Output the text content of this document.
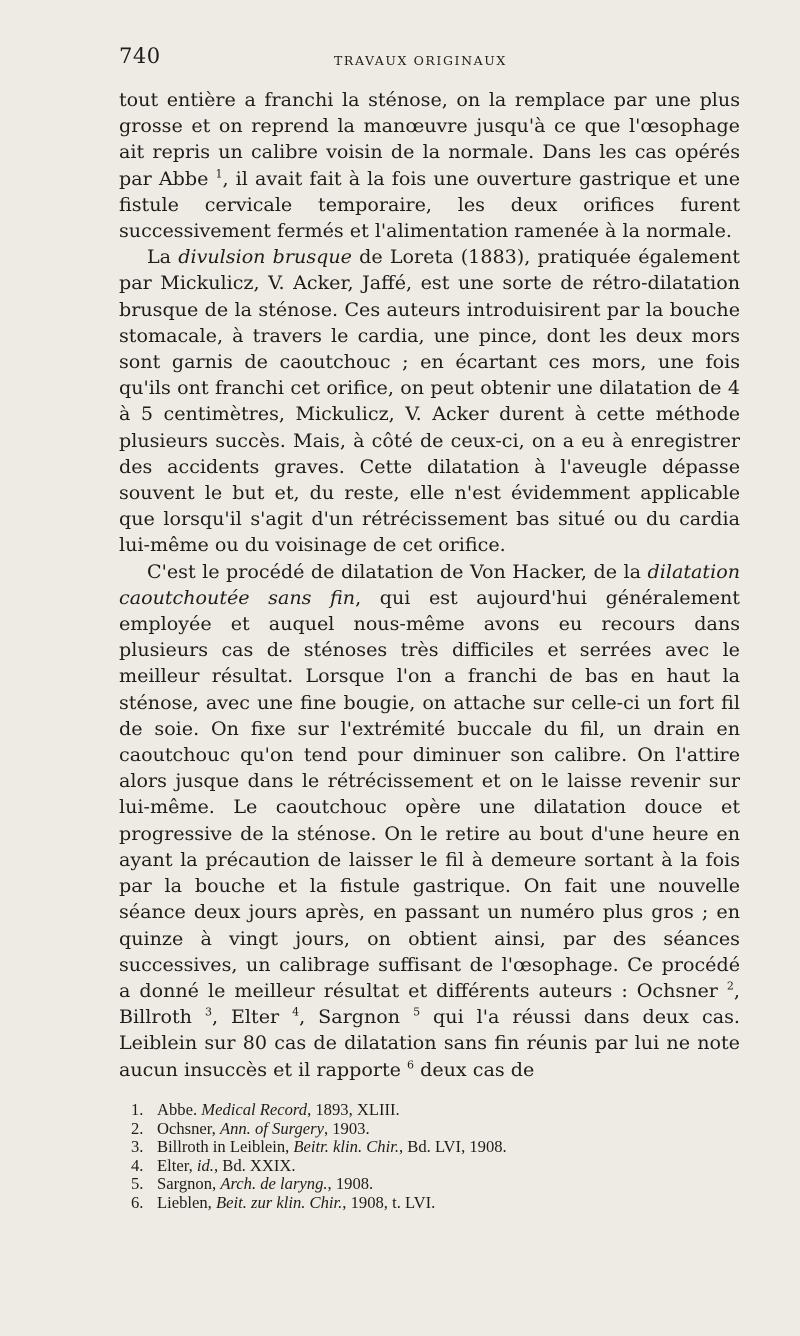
740	TRAVAUX ORIGINAUX

tout entière a franchi la sténose, on la remplace par une plus grosse et on reprend la manœuvre jusqu'à ce que l'œsophage ait repris un calibre voisin de la normale. Dans les cas opérés par Abbe $^1$, il avait fait à la fois une ouverture gastrique et une fistule cervicale temporaire, les deux orifices furent successivement fermés et l'alimentation ramenée à la normale.

La divulsion brusque de Loreta (1883), pratiquée également par Mickulicz, V. Acker, Jaffé, est une sorte de rétro-dilatation brusque de la sténose. Ces auteurs introduisirent par la bouche stomacale, à travers le cardia, une pince, dont les deux mors sont garnis de caoutchouc ; en écartant ces mors, une fois qu'ils ont franchi cet orifice, on peut obtenir une dilatation de 4 à 5 centimètres, Mickulicz, V. Acker durent à cette méthode plusieurs succès. Mais, à côté de ceux-ci, on a eu à enregistrer des accidents graves. Cette dilatation à l'aveugle dépasse souvent le but et, du reste, elle n'est évidemment applicable que lorsqu'il s'agit d'un rétrécissement bas situé ou du cardia lui-même ou du voisinage de cet orifice.

C'est le procédé de dilatation de Von Hacker, de la dilatation caoutchoutée sans fin, qui est aujourd'hui généralement employée et auquel nous-même avons eu recours dans plusieurs cas de sténoses très difficiles et serrées avec le meilleur résultat. Lorsque l'on a franchi de bas en haut la sténose, avec une fine bougie, on attache sur celle-ci un fort fil de soie. On fixe sur l'extrémité buccale du fil, un drain en caoutchouc qu'on tend pour diminuer son calibre. On l'attire alors jusque dans le rétrécissement et on le laisse revenir sur lui-même. Le caoutchouc opère une dilatation douce et progressive de la sténose. On le retire au bout d'une heure en ayant la précaution de laisser le fil à demeure sortant à la fois par la bouche et la fistule gastrique. On fait une nouvelle séance deux jours après, en passant un numéro plus gros ; en quinze à vingt jours, on obtient ainsi, par des séances successives, un calibrage suffisant de l'œsophage. Ce procédé a donné le meilleur résultat et différents auteurs : Ochsner $^2$, Billroth $^3$, Elter $^4$, Sargnon $^5$ qui l'a réussi dans deux cas. Leiblein sur 80 cas de dilatation sans fin réunis par lui ne note aucun insuccès et il rapporte $^6$ deux cas de

1. Abbe. Medical Record, 1893, XLIII.
2. Ochsner, Ann. of Surgery, 1903.
3. Billroth in Leiblein, Beitr. klin. Chir., Bd. LVI, 1908.
4. Elter, id., Bd. XXIX.
5. Sargnon, Arch. de laryng., 1908.
6. Lieblen, Beit. zur klin. Chir., 1908, t. LVI.
